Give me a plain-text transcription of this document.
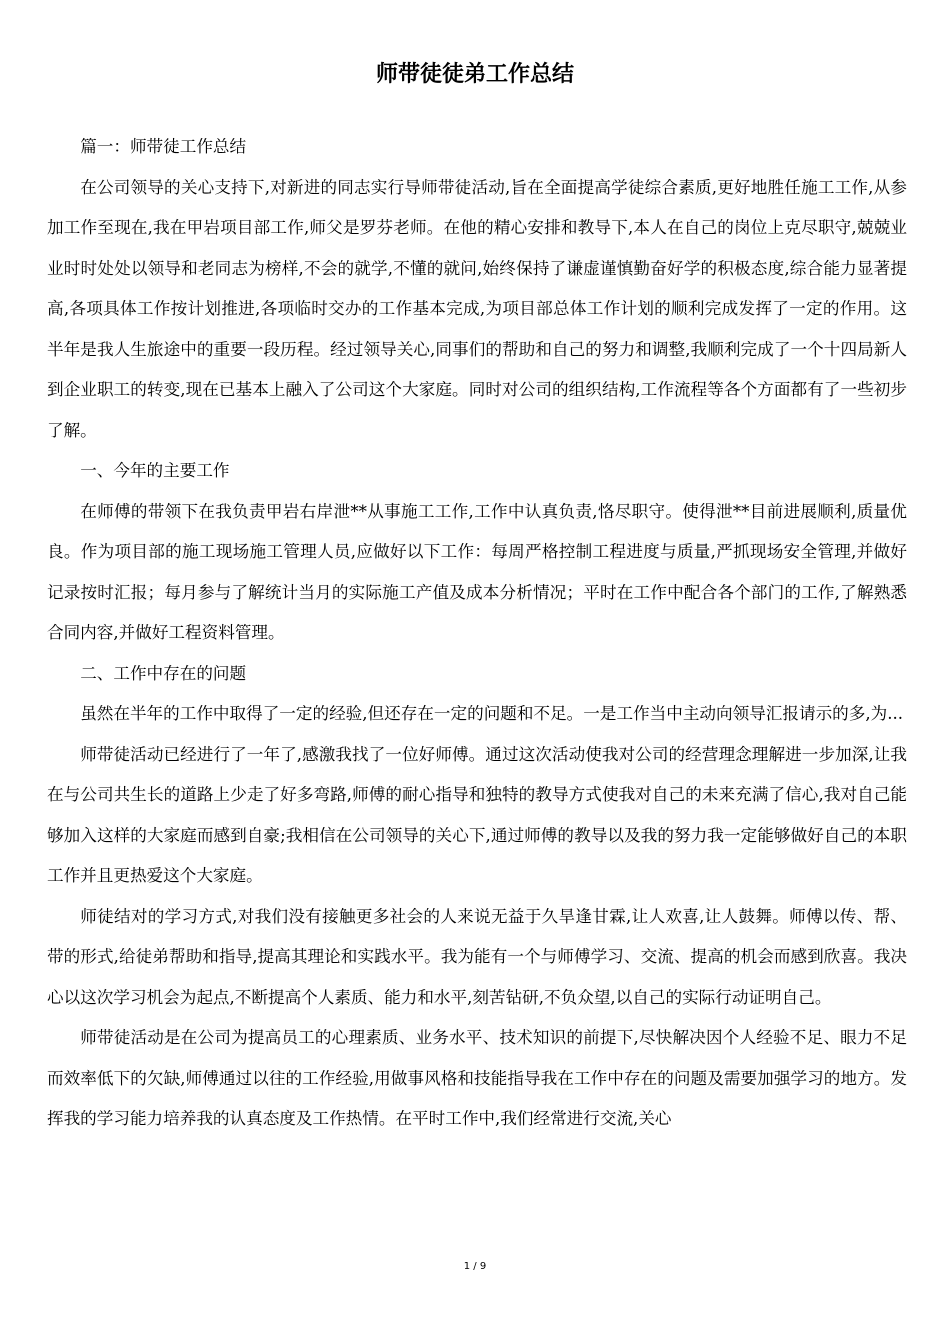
师带徒徒弟工作总结

篇一：师带徒工作总结

在公司领导的关心支持下,对新进的同志实行导师带徒活动,旨在全面提高学徒综合素质,更好地胜任施工工作,从参加工作至现在,我在甲岩项目部工作,师父是罗芬老师。在他的精心安排和教导下,本人在自己的岗位上克尽职守,兢兢业业时时处处以领导和老同志为榜样,不会的就学,不懂的就问,始终保持了谦虚谨慎勤奋好学的积极态度,综合能力显著提高,各项具体工作按计划推进,各项临时交办的工作基本完成,为项目部总体工作计划的顺利完成发挥了一定的作用。这半年是我人生旅途中的重要一段历程。经过领导关心,同事们的帮助和自己的努力和调整,我顺利完成了一个十四局新人到企业职工的转变,现在已基本上融入了公司这个大家庭。同时对公司的组织结构,工作流程等各个方面都有了一些初步了解。

一、今年的主要工作

在师傅的带领下在我负责甲岩右岸泄**从事施工工作,工作中认真负责,恪尽职守。使得泄**目前进展顺利,质量优良。作为项目部的施工现场施工管理人员,应做好以下工作：每周严格控制工程进度与质量,严抓现场安全管理,并做好记录按时汇报；每月参与了解统计当月的实际施工产值及成本分析情况；平时在工作中配合各个部门的工作,了解熟悉合同内容,并做好工程资料管理。

二、工作中存在的问题

虽然在半年的工作中取得了一定的经验,但还存在一定的问题和不足。一是工作当中主动向领导汇报请示的多,为...

师带徒活动已经进行了一年了,感激我找了一位好师傅。通过这次活动使我对公司的经营理念理解进一步加深,让我在与公司共生长的道路上少走了好多弯路,师傅的耐心指导和独特的教导方式使我对自己的未来充满了信心,我对自己能够加入这样的大家庭而感到自豪;我相信在公司领导的关心下,通过师傅的教导以及我的努力我一定能够做好自己的本职工作并且更热爱这个大家庭。

师徒结对的学习方式,对我们没有接触更多社会的人来说无益于久旱逢甘霖,让人欢喜,让人鼓舞。师傅以传、帮、带的形式,给徒弟帮助和指导,提高其理论和实践水平。我为能有一个与师傅学习、交流、提高的机会而感到欣喜。我决心以这次学习机会为起点,不断提高个人素质、能力和水平,刻苦钻研,不负众望,以自己的实际行动证明自己。

师带徒活动是在公司为提高员工的心理素质、业务水平、技术知识的前提下,尽快解决因个人经验不足、眼力不足而效率低下的欠缺,师傅通过以往的工作经验,用做事风格和技能指导我在工作中存在的问题及需要加强学习的地方。发挥我的学习能力培养我的认真态度及工作热情。在平时工作中,我们经常进行交流,关心

1 / 9
